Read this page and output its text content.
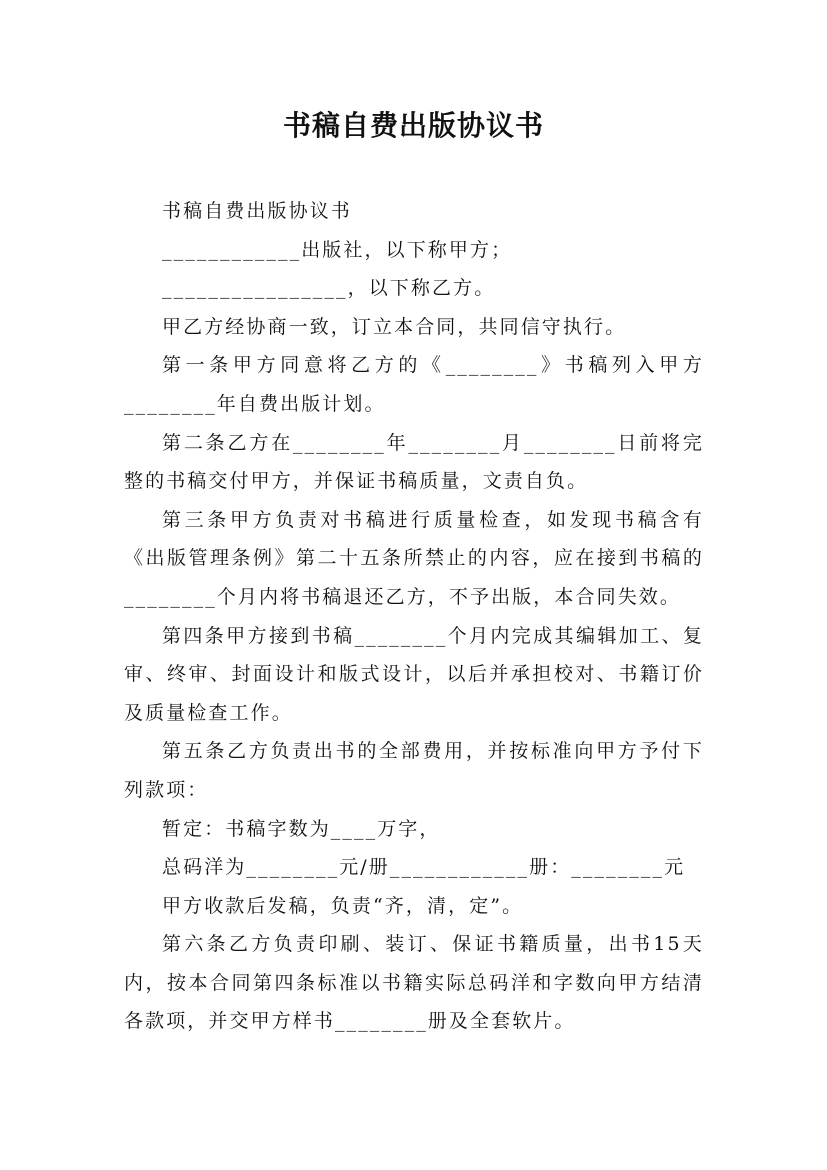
书稿自费出版协议书

书稿自费出版协议书

____________出版社，以下称甲方；

________________，以下称乙方。

甲乙方经协商一致，订立本合同，共同信守执行。

第一条甲方同意将乙方的《________》书稿列入甲方________年自费出版计划。

第二条乙方在________年________月________日前将完整的书稿交付甲方，并保证书稿质量，文责自负。

第三条甲方负责对书稿进行质量检查，如发现书稿含有《出版管理条例》第二十五条所禁止的内容，应在接到书稿的________个月内将书稿退还乙方，不予出版，本合同失效。

第四条甲方接到书稿________个月内完成其编辑加工、复审、终审、封面设计和版式设计，以后并承担校对、书籍订价及质量检查工作。

第五条乙方负责出书的全部费用，并按标准向甲方予付下列款项：

暂定：书稿字数为____万字，

总码洋为________元/册____________册：________元

甲方收款后发稿，负责“齐，清，定”。

第六条乙方负责印刷、装订、保证书籍质量，出书15天内，按本合同第四条标准以书籍实际总码洋和字数向甲方结清各款项，并交甲方样书________册及全套软片。
